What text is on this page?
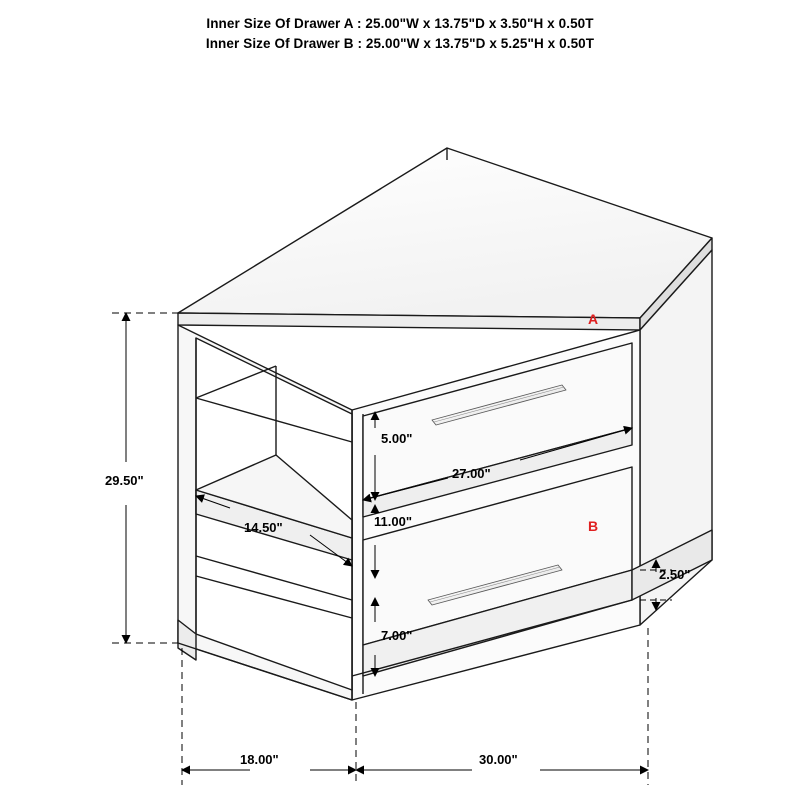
Inner Size Of Drawer A : 25.00"W x 13.75"D x 3.50"H x 0.50T
Inner Size Of Drawer B : 25.00"W x 13.75"D x 5.25"H x 0.50T
29.50"
18.00"	30.00"
5.00"
11.00"
7.00"
14.50"
27.00"
2.50"
A
B
